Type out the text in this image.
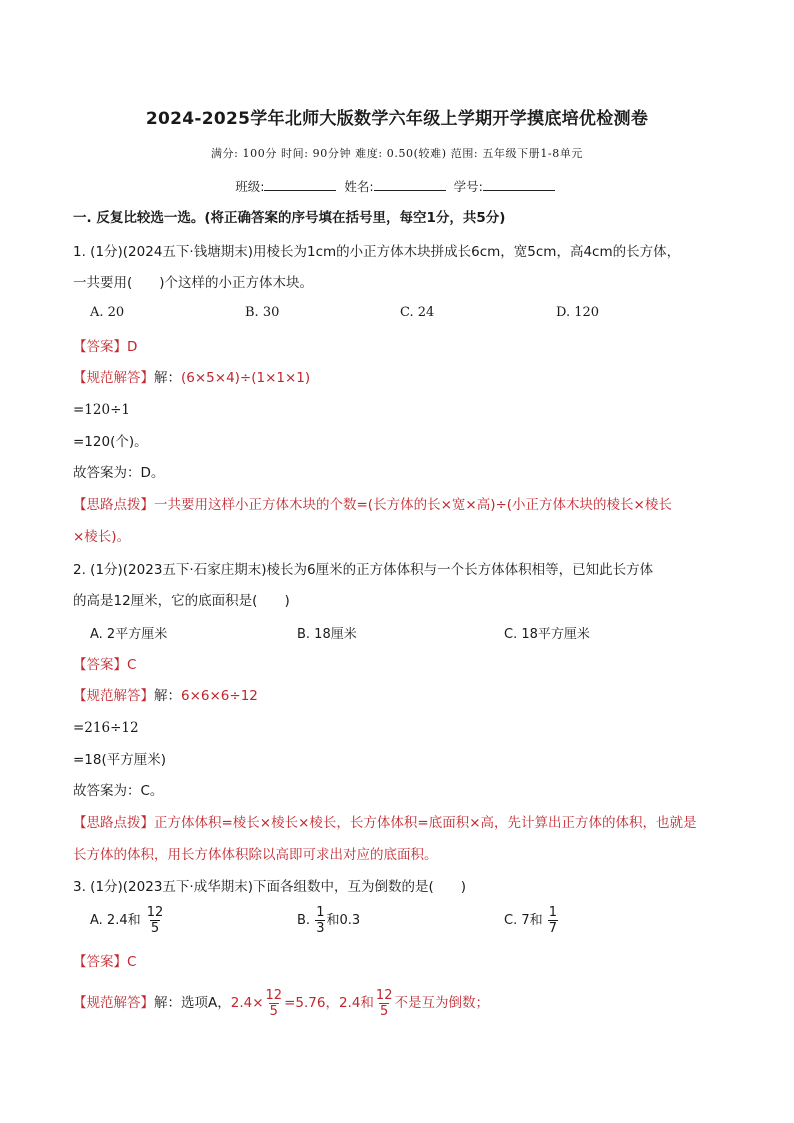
2024-2025学年北师大版数学六年级上学期开学摸底培优检测卷
满分: 100分 时间: 90分钟 难度: 0.50(较难) 范围: 五年级下册1-8单元
班级:	姓名:	学号:
一. 反复比较选一选。(将正确答案的序号填在括号里，每空1分，共5分)
1. (1分)(2024五下·钱塘期末)用棱长为1cm的小正方体木块拼成长6cm，宽5cm，高4cm的长方体，
一共要用(　　)个这样的小正方体木块。
A. 20	B. 30	C. 24	D. 120
【答案】D
【规范解答】解：(6×5×4)÷(1×1×1)
=120÷1
=120(个)。
故答案为：D。
【思路点拨】一共要用这样小正方体木块的个数=(长方体的长×宽×高)÷(小正方体木块的棱长×棱长
×棱长)。
2. (1分)(2023五下·石家庄期末)棱长为6厘米的正方体体积与一个长方体体积相等，已知此长方体
的高是12厘米，它的底面积是(　　)
A. 2平方厘米	B. 18厘米	C. 18平方厘米
【答案】C
【规范解答】解：6×6×6÷12
=216÷12
=18(平方厘米)
故答案为：C。
【思路点拨】正方体体积=棱长×棱长×棱长，长方体体积=底面积×高，先计算出正方体的体积，也就是
长方体的体积，用长方体体积除以高即可求出对应的底面积。
3. (1分)(2023五下·成华期末)下面各组数中，互为倒数的是(　　)
A. 2.4和 $\frac{12}{5}$	B. $\frac{1}{3}$ 和0.3	C. 7和 $\frac{1}{7}$
【答案】C
【规范解答】解：选项A，$2.4\times \frac{12}{5} =5.76$，2.4和 $\frac{12}{5}$ 不是互为倒数；
